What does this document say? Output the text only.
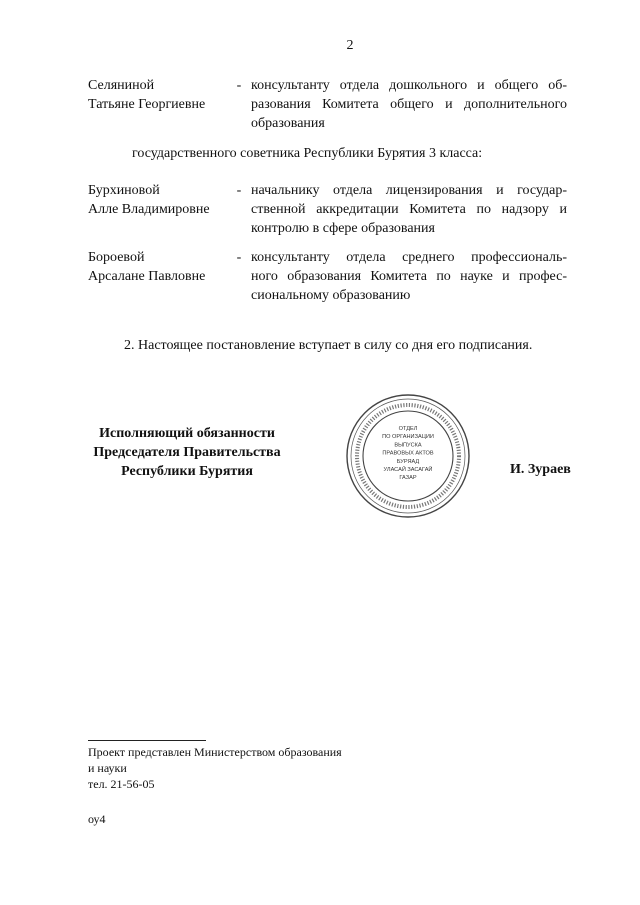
2
Селяниной
Татьяне Георгиевне
- консультанту отдела дошкольного и общего об-
разования Комитета общего и дополнительного
образования
государственного советника Республики Бурятия 3 класса:
Бурхиновой
Алле Владимировне
- начальнику отдела лицензирования и государ-
ственной аккредитации Комитета по надзору и
контролю в сфере образования
Бороевой
Арсалане Павловне
- консультанту отдела среднего профессиональ-
ного образования Комитета по науке и профес-
сиональному образованию
2. Настоящее постановление вступает в силу со дня его подписания.
Исполняющий обязанности
Председателя Правительства
Республики Бурятия
ОТДЕЛ
ПО ОРГАНИЗАЦИИ
ВЫПУСКА
ПРАВОВЫХ АКТОВ
БУРЯАД
УЛАСАЙ ЗАСАГАЙ
ГАЗАР
И. Зураев
Проект представлен Министерством образования
и науки
тел. 21-56-05
оу4
